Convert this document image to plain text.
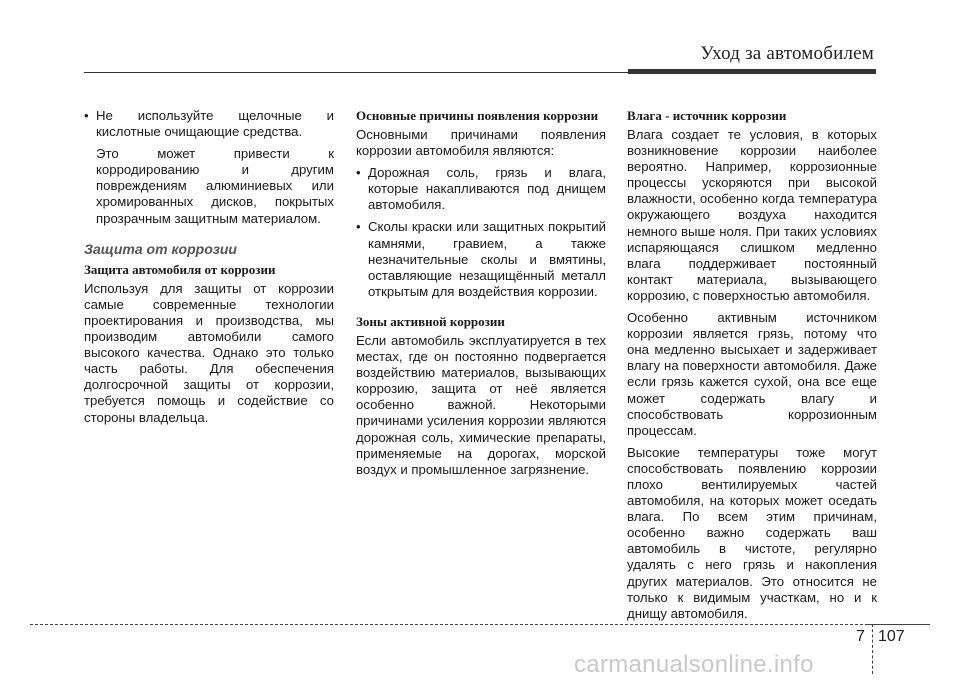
Уход за автомобилем
• Не используйте щелочные и кислотные очищающие средства.

Это может привести к корродированию и другим повреждениям алюминиевых или хромированных дисков, покрытых прозрачным защитным материалом.

Защита от коррозии
Защита автомобиля от коррозии

Используя для защиты от коррозии самые современные технологии проектирования и производства, мы производим автомобили самого высокого качества. Однако это только часть работы. Для обеспечения долгосрочной защиты от коррозии, требуется помощь и содействие со стороны владельца.

Основные причины появления коррозии

Основными причинами появления коррозии автомобиля являются:

• Дорожная соль, грязь и влага, которые накапливаются под днищем автомобиля.
• Сколы краски или защитных покрытий камнями, гравием, а также незначительные сколы и вмятины, оставляющие незащищённый металл открытым для воздействия коррозии.
Зоны активной коррозии

Если автомобиль эксплуатируется в тех местах, где он постоянно подвергается воздействию материалов, вызывающих коррозию, защита от неё является особенно важной. Некоторыми причинами усиления коррозии являются дорожная соль, химические препараты, применяемые на дорогах, морской воздух и промышленное загрязнение.

Влага - источник коррозии

Влага создает те условия, в которых возникновение коррозии наиболее вероятно. Например, коррозионные процессы ускоряются при высокой влажности, особенно когда температура окружающего воздуха находится немного выше ноля. При таких условиях испаряющаяся слишком медленно влага поддерживает постоянный контакт материала, вызывающего коррозию, с поверхностью автомобиля.

Особенно активным источником коррозии является грязь, потому что она медленно высыхает и задерживает влагу на поверхности автомобиля. Даже если грязь кажется сухой, она все еще может содержать влагу и способствовать коррозионным процессам.

Высокие температуры тоже могут способствовать появлению коррозии плохо вентилируемых частей автомобиля, на которых может оседать влага. По всем этим причинам, особенно важно содержать ваш автомобиль в чистоте, регулярно удалять с него грязь и накопления других материалов. Это относится не только к видимым участкам, но и к днищу автомобиля.

7 107
carmanualsonline.info
